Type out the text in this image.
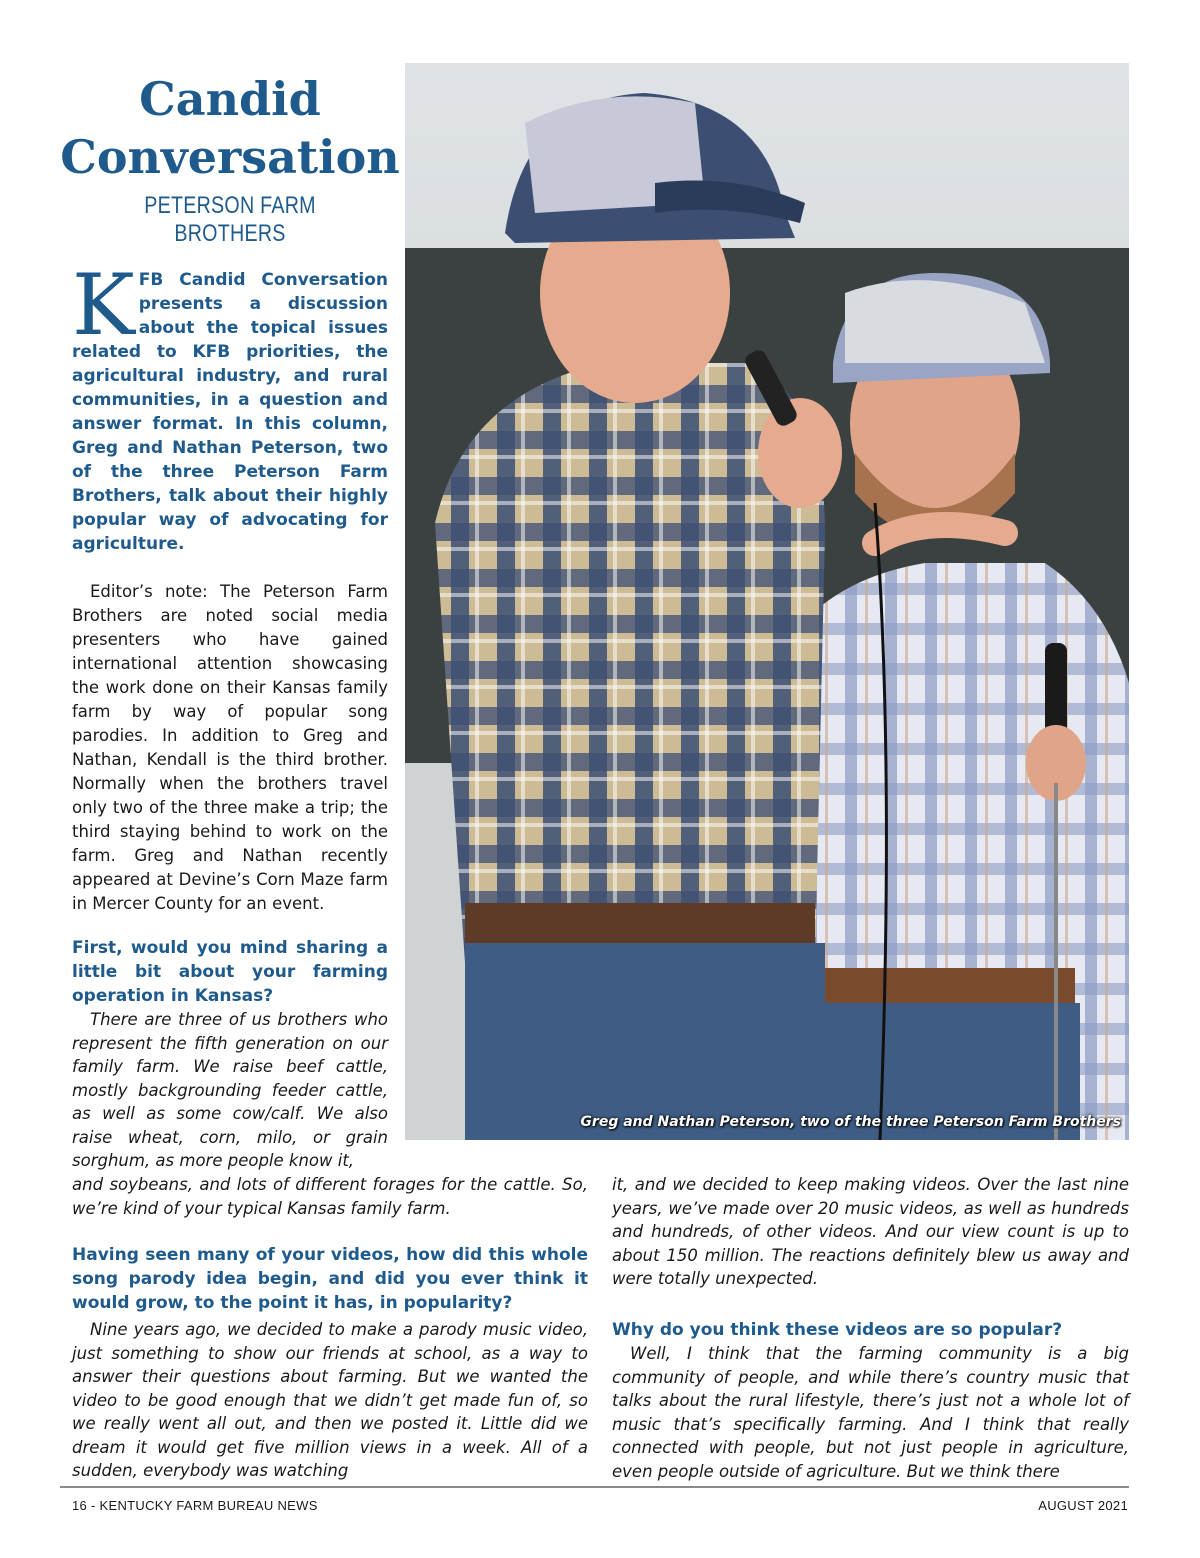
Candid
Conversation
PETERSON FARM BROTHERS

KFB Candid Conversation presents a discussion about the topical issues related to KFB priorities, the agricultural industry, and rural communities, in a question and answer format. In this column, Greg and Nathan Peterson, two of the three Peterson Farm Brothers, talk about their highly popular way of advocating for agriculture.

Editor’s note: The Peterson Farm Brothers are noted social media presenters who have gained international attention showcasing the work done on their Kansas family farm by way of popular song parodies. In addition to Greg and Nathan, Kendall is the third brother. Normally when the brothers travel only two of the three make a trip; the third staying behind to work on the farm. Greg and Nathan recently appeared at Devine’s Corn Maze farm in Mercer County for an event.

First, would you mind sharing a little bit about your farming operation in Kansas?

There are three of us brothers who represent the fifth generation on our family farm. We raise beef cattle, mostly backgrounding feeder cattle, as well as some cow/calf. We also raise wheat, corn, milo, or grain sorghum, as more people know it,

and soybeans, and lots of different forages for the cattle. So, we’re kind of your typical Kansas family farm.

Having seen many of your videos, how did this whole song parody idea begin, and did you ever think it would grow, to the point it has, in popularity?

Nine years ago, we decided to make a parody music video, just something to show our friends at school, as a way to answer their questions about farming. But we wanted the video to be good enough that we didn’t get made fun of, so we really went all out, and then we posted it. Little did we dream it would get five million views in a week. All of a sudden, everybody was watching

it, and we decided to keep making videos. Over the last nine years, we’ve made over 20 music videos, as well as hundreds and hundreds, of other videos. And our view count is up to about 150 million. The reactions definitely blew us away and were totally unexpected.

Why do you think these videos are so popular?

Well, I think that the farming community is a big community of people, and while there’s country music that talks about the rural lifestyle, there’s just not a whole lot of music that’s specifically farming. And I think that really connected with people, but not just people in agriculture, even people outside of agriculture. But we think there

Greg and Nathan Peterson, two of the three Peterson Farm Brothers
16 - KENTUCKY FARM BUREAU NEWS	AUGUST 2021
